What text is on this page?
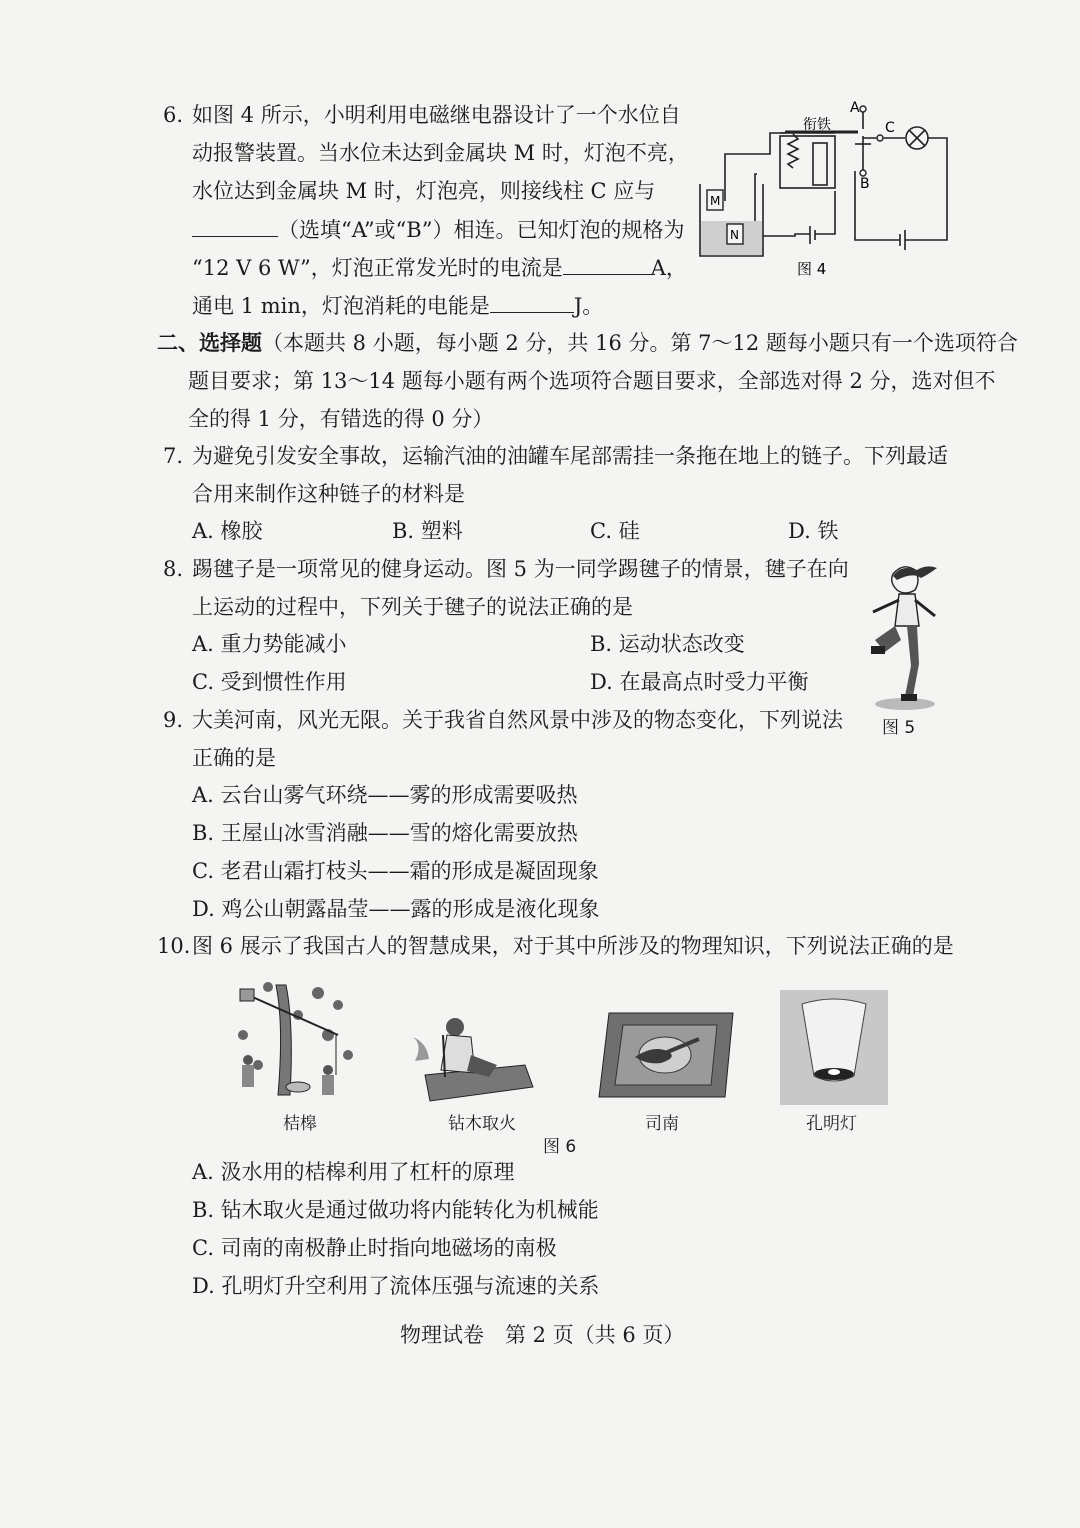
6. 如图 4 所示，小明利用电磁继电器设计了一个水位自
动报警装置。当水位未达到金属块 M 时，灯泡不亮，
水位达到金属块 M 时，灯泡亮，则接线柱 C 应与
（选填“A”或“B”）相连。已知灯泡的规格为
“12 V 6 W”，灯泡正常发光时的电流是	A，
通电 1 min，灯泡消耗的电能是	J。
M
N
衔铁
A
B
C
图 4
二、选择题（本题共 8 小题，每小题 2 分，共 16 分。第 7～12 题每小题只有一个选项符合
题目要求；第 13～14 题每小题有两个选项符合题目要求，全部选对得 2 分，选对但不
全的得 1 分，有错选的得 0 分）
7. 为避免引发安全事故，运输汽油的油罐车尾部需挂一条拖在地上的链子。下列最适
合用来制作这种链子的材料是
A. 橡胶	B. 塑料	C. 硅	D. 铁
8. 踢毽子是一项常见的健身运动。图 5 为一同学踢毽子的情景，毽子在向
上运动的过程中，下列关于毽子的说法正确的是
A. 重力势能减小	B. 运动状态改变
C. 受到惯性作用	D. 在最高点时受力平衡
图 5
9. 大美河南，风光无限。关于我省自然风景中涉及的物态变化，下列说法
正确的是
A. 云台山雾气环绕——雾的形成需要吸热
B. 王屋山冰雪消融——雪的熔化需要放热
C. 老君山霜打枝头——霜的形成是凝固现象
D. 鸡公山朝露晶莹——露的形成是液化现象
10. 图 6 展示了我国古人的智慧成果，对于其中所涉及的物理知识，下列说法正确的是
桔槔	钻木取火	司南	孔明灯
图 6
A. 汲水用的桔槔利用了杠杆的原理
B. 钻木取火是通过做功将内能转化为机械能
C. 司南的南极静止时指向地磁场的南极
D. 孔明灯升空利用了流体压强与流速的关系
物理试卷　第 2 页（共 6 页）
